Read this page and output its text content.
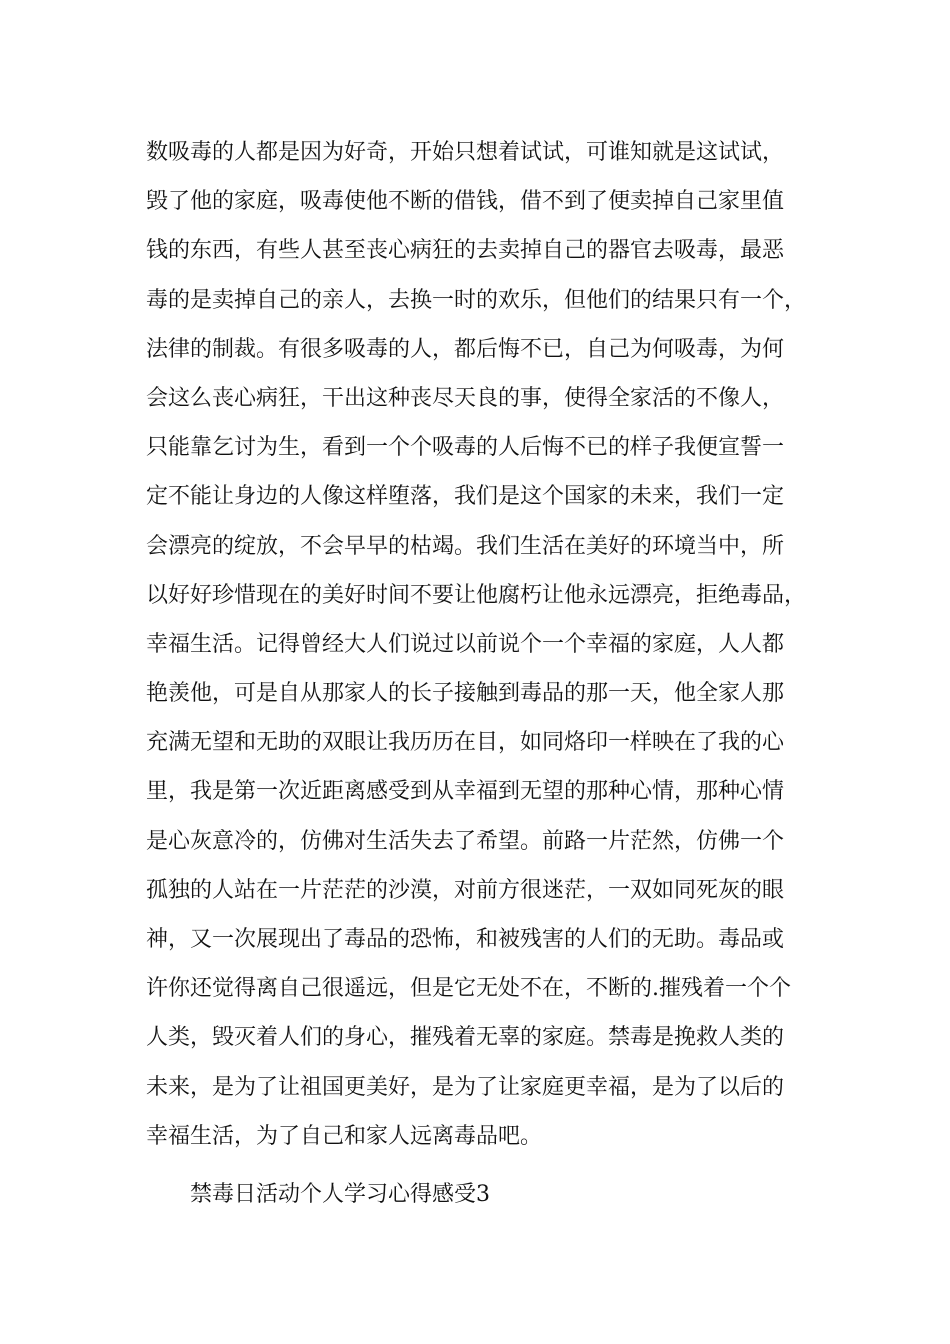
数吸毒的人都是因为好奇，开始只想着试试，可谁知就是这试试，
毁了他的家庭，吸毒使他不断的借钱，借不到了便卖掉自己家里值
钱的东西，有些人甚至丧心病狂的去卖掉自己的器官去吸毒，最恶
毒的是卖掉自己的亲人，去换一时的欢乐，但他们的结果只有一个，
法律的制裁。有很多吸毒的人，都后悔不已，自己为何吸毒，为何
会这么丧心病狂，干出这种丧尽天良的事，使得全家活的不像人，
只能靠乞讨为生，看到一个个吸毒的人后悔不已的样子我便宣誓一
定不能让身边的人像这样堕落，我们是这个国家的未来，我们一定
会漂亮的绽放，不会早早的枯竭。我们生活在美好的环境当中，所
以好好珍惜现在的美好时间不要让他腐朽让他永远漂亮，拒绝毒品，
幸福生活。记得曾经大人们说过以前说个一个幸福的家庭，人人都
艳羡他，可是自从那家人的长子接触到毒品的那一天，他全家人那
充满无望和无助的双眼让我历历在目，如同烙印一样映在了我的心
里，我是第一次近距离感受到从幸福到无望的那种心情，那种心情
是心灰意冷的，仿佛对生活失去了希望。前路一片茫然，仿佛一个
孤独的人站在一片茫茫的沙漠，对前方很迷茫，一双如同死灰的眼
神，又一次展现出了毒品的恐怖，和被残害的人们的无助。毒品或
许你还觉得离自己很遥远，但是它无处不在，不断的.摧残着一个个
人类，毁灭着人们的身心，摧残着无辜的家庭。禁毒是挽救人类的
未来，是为了让祖国更美好，是为了让家庭更幸福，是为了以后的
幸福生活，为了自己和家人远离毒品吧。
禁毒日活动个人学习心得感受3
